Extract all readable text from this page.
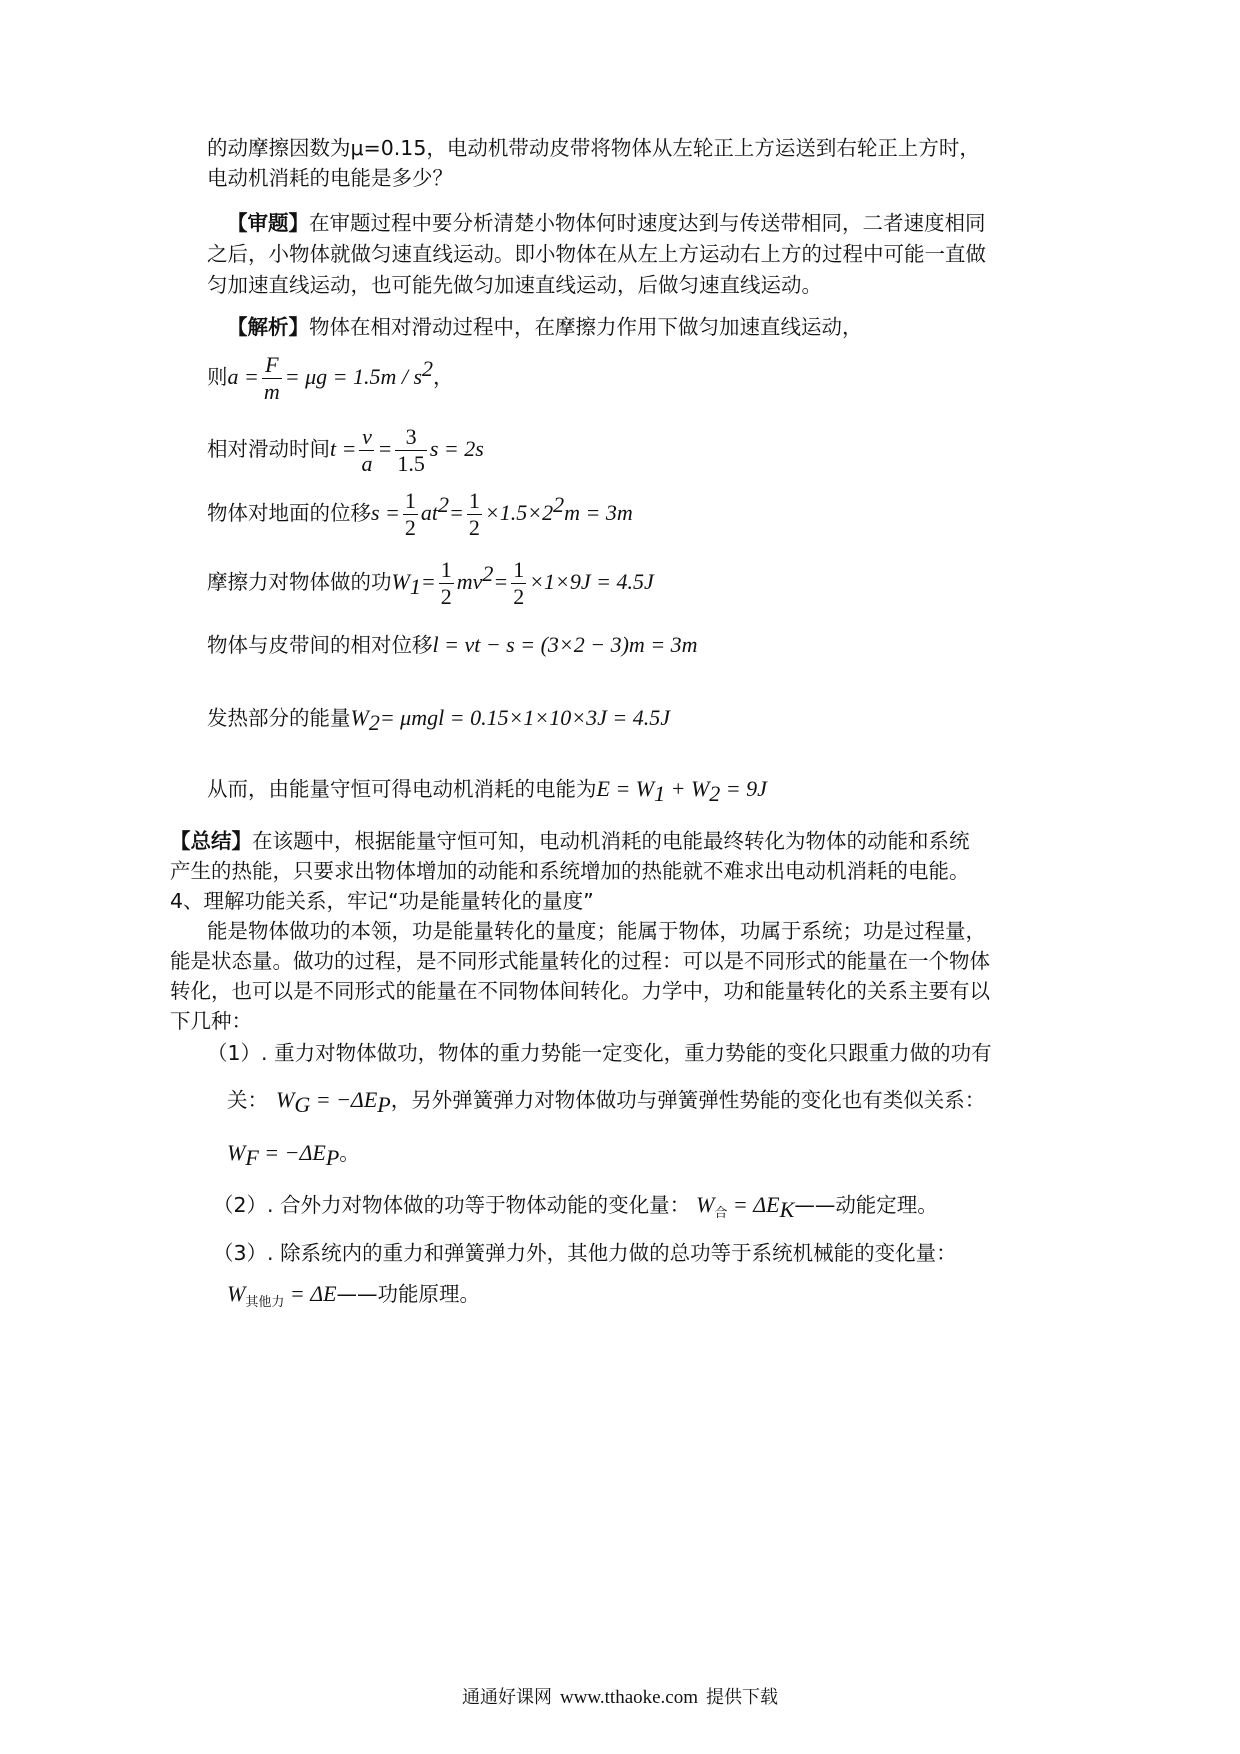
的动摩擦因数为μ=0.15，电动机带动皮带将物体从左轮正上方运送到右轮正上方时，
电动机消耗的电能是多少？
【审题】在审题过程中要分析清楚小物体何时速度达到与传送带相同，二者速度相同
之后，小物体就做匀速直线运动。即小物体在从左上方运动右上方的过程中可能一直做
匀加速直线运动，也可能先做匀加速直线运动，后做匀速直线运动。
【解析】物体在相对滑动过程中，在摩擦力作用下做匀加速直线运动，
则$a = \frac{F}{m} = \mu g = 1.5m / s^2$，
相对滑动时间$t = \frac{v}{a} = \frac{3}{1.5}$ s = 2s
物体对地面的位移$s = \frac{1}{2} at^2= \frac{1}{2} \times 1.5\times 2^2m = 3m$
摩擦力对物体做的功$W_1= \frac{1}{2} mv^2= \frac{1}{2} \times 1\times 9J = 4.5J$
物体与皮带间的相对位移l = vt − s = (3×2 − 3)m = 3m
发热部分的能量$W_2= \mu mgl = 0.15\times 1\times 10\times 3J = 4.5J$
从而，由能量守恒可得电动机消耗的电能为$E = W_1 + W_2 = 9J$
【总结】在该题中，根据能量守恒可知，电动机消耗的电能最终转化为物体的动能和系统
产生的热能，只要求出物体增加的动能和系统增加的热能就不难求出电动机消耗的电能。
4、理解功能关系，牢记“功是能量转化的量度”
能是物体做功的本领，功是能量转化的量度；能属于物体，功属于系统；功是过程量，
能是状态量。做功的过程，是不同形式能量转化的过程：可以是不同形式的能量在一个物体
转化，也可以是不同形式的能量在不同物体间转化。力学中，功和能量转化的关系主要有以
下几种：
（1）. 重力对物体做功，物体的重力势能一定变化，重力势能的变化只跟重力做的功有
关： $W_G = -\Delta E_P$，另外弹簧弹力对物体做功与弹簧弹性势能的变化也有类似关系：
$W_F = -\Delta E_P$。
（2）. 合外力对物体做的功等于物体动能的变化量： $W_合$ = $\Delta E_K——$动能定理。
（3）. 除系统内的重力和弹簧弹力外，其他力做的总功等于系统机械能的变化量：
$W_{其他力}$ = ΔE——功能原理。
通通好课网 www.tthaoke.com 提供下载
